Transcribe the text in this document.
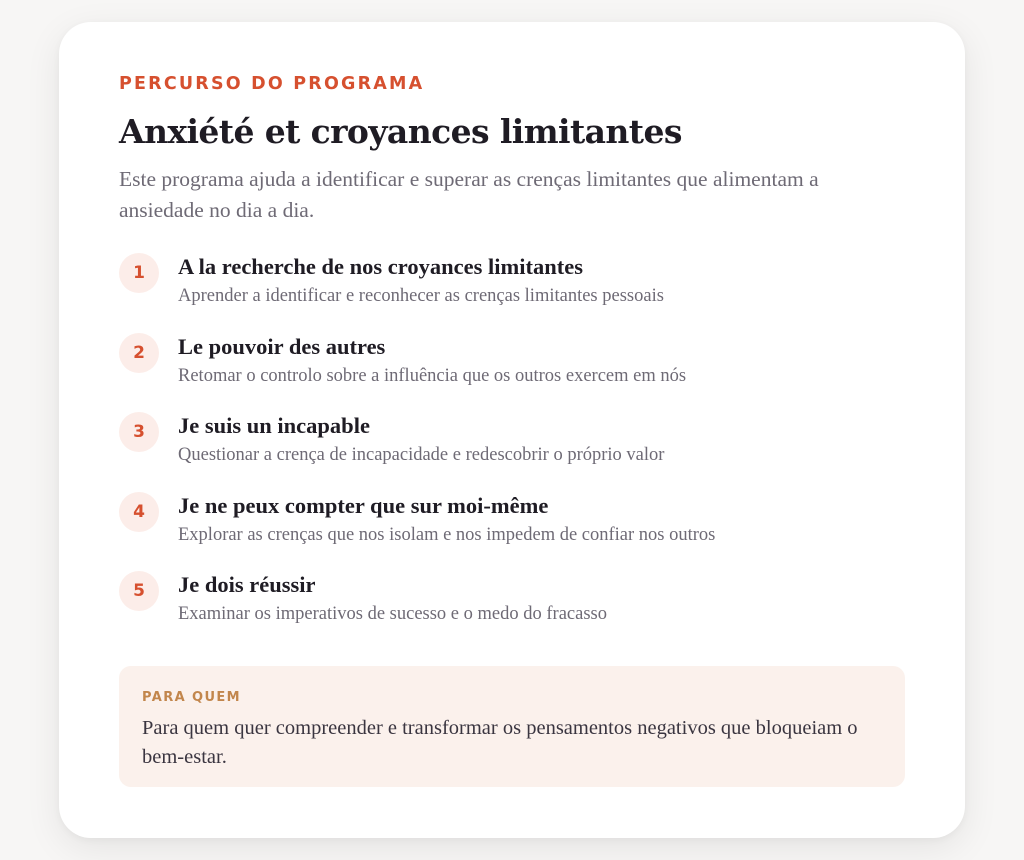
PERCURSO DO PROGRAMA
Anxiété et croyances limitantes

Este programa ajuda a identificar e superar as crenças limitantes que alimentam a ansiedade no dia a dia.

1	A la recherche de nos croyances limitantes
Aprender a identificar e reconhecer as crenças limitantes pessoais
2	Le pouvoir des autres
Retomar o controlo sobre a influência que os outros exercem em nós
3	Je suis un incapable
Questionar a crença de incapacidade e redescobrir o próprio valor
4	Je ne peux compter que sur moi-même
Explorar as crenças que nos isolam e nos impedem de confiar nos outros
5	Je dois réussir
Examinar os imperativos de sucesso e o medo do fracasso
PARA QUEM
Para quem quer compreender e transformar os pensamentos negativos que bloqueiam o bem-estar.
